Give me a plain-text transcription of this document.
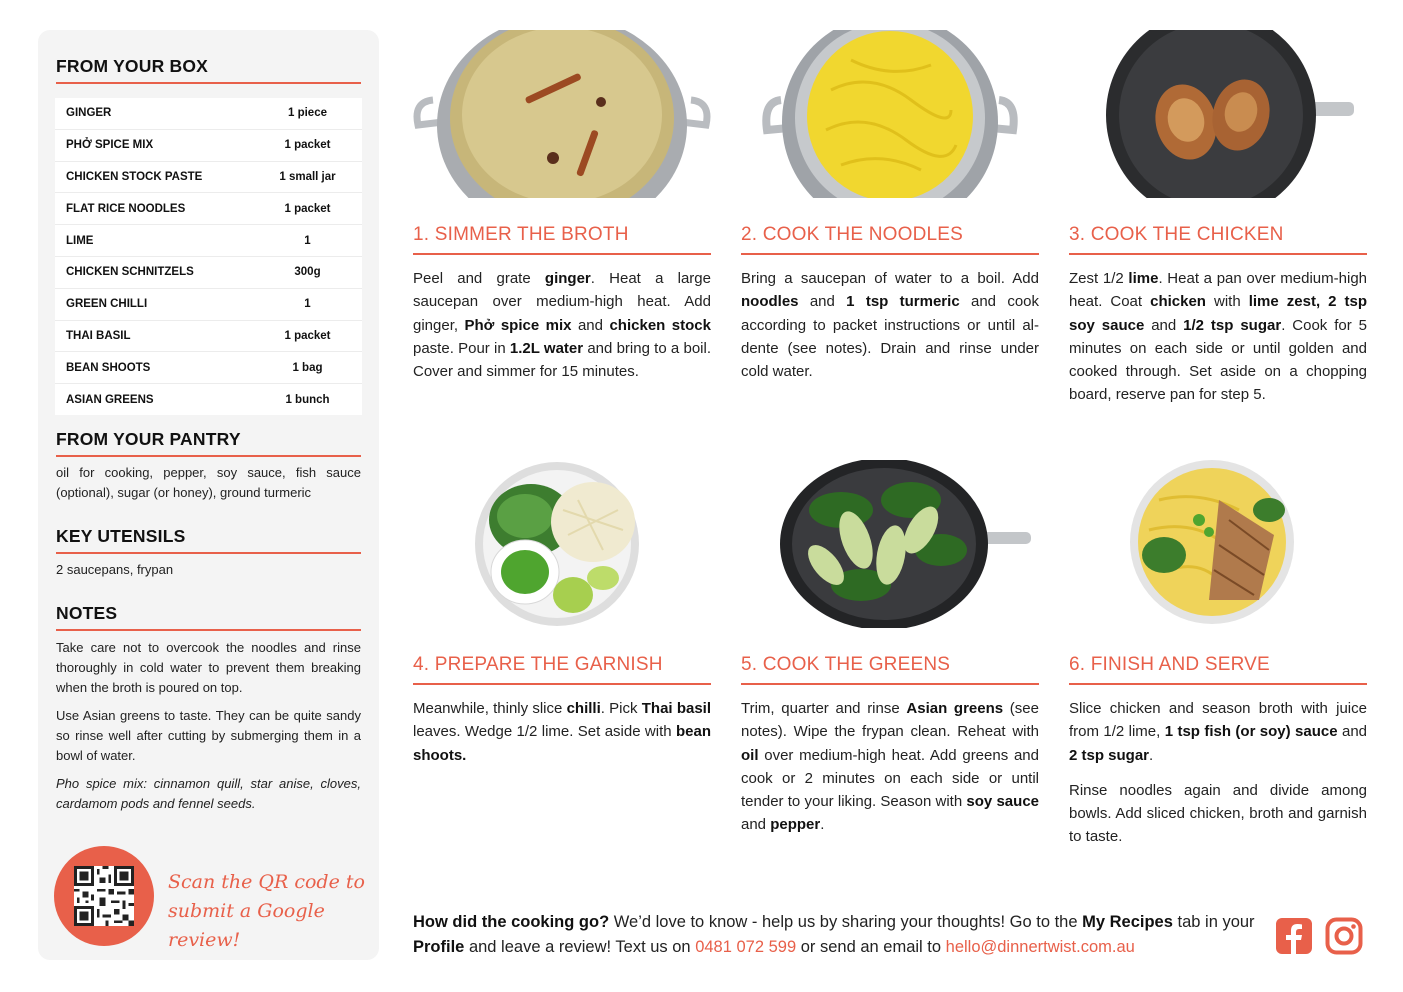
FROM YOUR BOX
GINGER	1 piece
PHỞ SPICE MIX	1 packet
CHICKEN STOCK PASTE	1 small jar
FLAT RICE NOODLES	1 packet
LIME	1
CHICKEN SCHNITZELS	300g
GREEN CHILLI	1
THAI BASIL	1 packet
BEAN SHOOTS	1 bag
ASIAN GREENS	1 bunch
FROM YOUR PANTRY
oil for cooking, pepper, soy sauce, fish sauce (optional), sugar (or honey), ground turmeric
KEY UTENSILS
2 saucepans, frypan
NOTES

Take care not to overcook the noodles and rinse thoroughly in cold water to prevent them breaking when the broth is poured on top.

Use Asian greens to taste. They can be quite sandy so rinse well after cutting by submerging them in a bowl of water.

Pho spice mix: cinnamon quill, star anise, cloves, cardamom pods and fennel seeds.

Scan the QR code to
submit a Google review!
1. SIMMER THE BROTH

Peel and grate ginger. Heat a large saucepan over medium-high heat. Add ginger, Phở spice mix and chicken stock paste. Pour in 1.2L water and bring to a boil. Cover and simmer for 15 minutes.

2. COOK THE NOODLES

Bring a saucepan of water to a boil. Add noodles and 1 tsp turmeric and cook according to packet instructions or until al-dente (see notes). Drain and rinse under cold water.

3. COOK THE CHICKEN

Zest 1/2 lime. Heat a pan over medium-high heat. Coat chicken with lime zest, 2 tsp soy sauce and 1/2 tsp sugar. Cook for 5 minutes on each side or until golden and cooked through. Set aside on a chopping board, reserve pan for step 5.

4. PREPARE THE GARNISH

Meanwhile, thinly slice chilli. Pick Thai basil leaves. Wedge 1/2 lime. Set aside with bean shoots.

5. COOK THE GREENS

Trim, quarter and rinse Asian greens (see notes). Wipe the frypan clean. Reheat with oil over medium-high heat. Add greens and cook or 2 minutes on each side or until tender to your liking. Season with soy sauce and pepper.

6. FINISH AND SERVE

Slice chicken and season broth with juice from 1/2 lime, 1 tsp fish (or soy) sauce and 2 tsp sugar.

Rinse noodles again and divide among bowls. Add sliced chicken, broth and garnish to taste.

How did the cooking go? We’d love to know - help us by sharing your thoughts! Go to the My Recipes tab in your Profile and leave a review! Text us on 0481 072 599 or send an email to hello@dinnertwist.com.au
